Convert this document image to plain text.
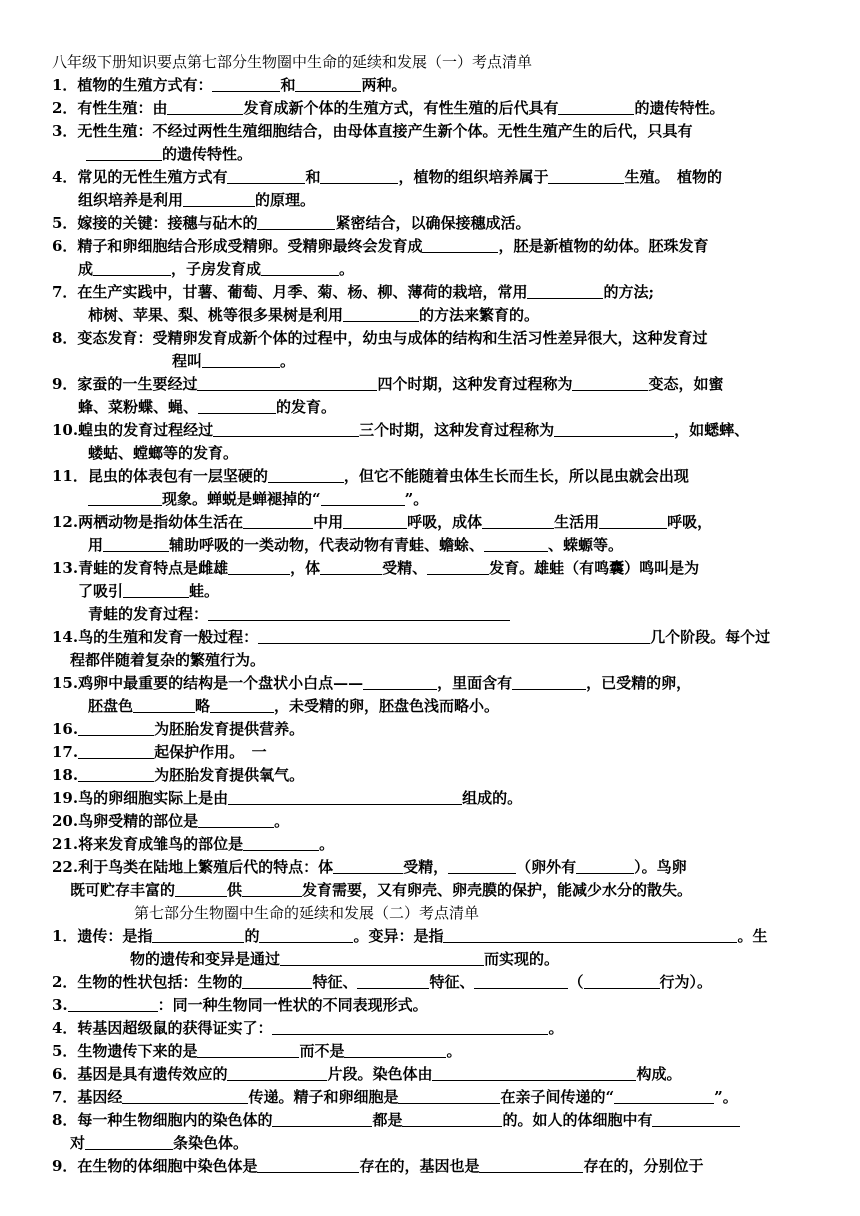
八年级下册知识要点第七部分生物圈中生命的延续和发展（一）考点清单
1．植物的生殖方式有：	和	两种。
2．有性生殖：由	发育成新个体的生殖方式，有性生殖的后代具有	的遗传特性。
3．无性生殖：不经过两性生殖细胞结合，由母体直接产生新个体。无性生殖产生的后代，只具有
的遗传特性。
4．常见的无性生殖方式有	和	，植物的组织培养属于	生殖。　植物的
组织培养是利用	的原理。
5．嫁接的关键：接穗与砧木的	紧密结合，以确保接穗成活。
6．精子和卵细胞结合形成受精卵。受精卵最终会发育成	，胚是新植物的幼体。胚珠发育
成	，子房发育成	。
7．在生产实践中，甘薯、葡萄、月季、菊、杨、柳、薄荷的栽培，常用	的方法;
柿树、苹果、梨、桃等很多果树是利用	的方法来繁育的。
8．变态发育：受精卵发育成新个体的过程中，幼虫与成体的结构和生活习性差异很大，这种发育过
程叫	。
9．家蚕的一生要经过	四个时期，这种发育过程称为	变态，如蜜
蜂、菜粉蝶、蝇、	的发育。
10.蝗虫的发育过程经过	三个时期，这种发育过程称为	，如蟋蟀、
蝼蛄、螳螂等的发育。
11．昆虫的体表包有一层坚硬的	，但它不能随着虫体生长而生长，所以昆虫就会出现
现象。蝉蜕是蝉褪掉的“	”。
12.两栖动物是指幼体生活在	中用	呼吸，成体	生活用	呼吸，
用	辅助呼吸的一类动物，代表动物有青蛙、蟾蜍、	、蝾螈等。
13.青蛙的发育特点是雌雄	，体	受精、	发育。雄蛙（有鸣囊）鸣叫是为
了吸引	蛙。
青蛙的发育过程：
14.鸟的生殖和发育一般过程：	几个阶段。每个过
程都伴随着复杂的繁殖行为。
15.鸡卵中最重要的结构是一个盘状小白点——	，里面含有	，已受精的卵，
胚盘色	略	，未受精的卵，胚盘色浅而略小。
16.	为胚胎发育提供营养。
17.	起保护作用。　一
18.	为胚胎发育提供氧气。
19.鸟的卵细胞实际上是由	组成的。
20.鸟卵受精的部位是	。
21.将来发育成雏鸟的部位是	。
22.利于鸟类在陆地上繁殖后代的特点：体	受精，	（卵外有	）。鸟卵
既可贮存丰富的	供	发育需要，又有卵壳、卵壳膜的保护，能减少水分的散失。
第七部分生物圈中生命的延续和发展（二）考点清单
1．遗传：是指	的	。变异：是指	。生
物的遗传和变异是通过	而实现的。
2．生物的性状包括：生物的	特征、	特征、	（	行为）。
3.	：同一种生物同一性状的不同表现形式。
4．转基因超级鼠的获得证实了：	。
5．生物遗传下来的是	而不是	。
6．基因是具有遗传效应的	片段。染色体由	构成。
7．基因经	传递。精子和卵细胞是	在亲子间传递的“	”。
8．每一种生物细胞内的染色体的	都是	的。如人的体细胞中有
对	条染色体。
9．在生物的体细胞中染色体是	存在的，基因也是	存在的，分别位于
